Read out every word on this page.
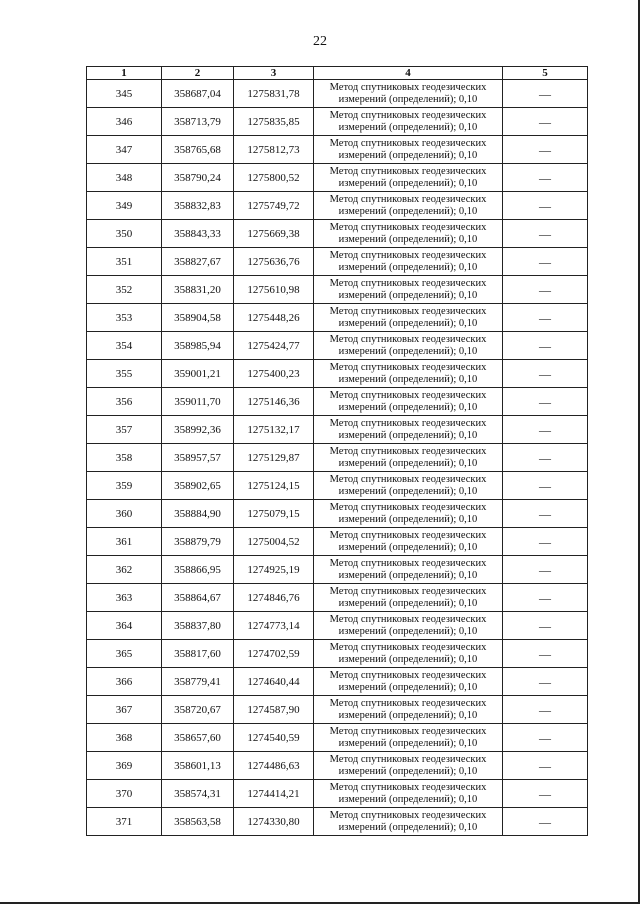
22
1	2	3	4	5
345	358687,04	1275831,78	Метод спутниковых геодезических
измерений (определений); 0,10	—
346	358713,79	1275835,85	Метод спутниковых геодезических
измерений (определений); 0,10	—
347	358765,68	1275812,73	Метод спутниковых геодезических
измерений (определений); 0,10	—
348	358790,24	1275800,52	Метод спутниковых геодезических
измерений (определений); 0,10	—
349	358832,83	1275749,72	Метод спутниковых геодезических
измерений (определений); 0,10	—
350	358843,33	1275669,38	Метод спутниковых геодезических
измерений (определений); 0,10	—
351	358827,67	1275636,76	Метод спутниковых геодезических
измерений (определений); 0,10	—
352	358831,20	1275610,98	Метод спутниковых геодезических
измерений (определений); 0,10	—
353	358904,58	1275448,26	Метод спутниковых геодезических
измерений (определений); 0,10	—
354	358985,94	1275424,77	Метод спутниковых геодезических
измерений (определений); 0,10	—
355	359001,21	1275400,23	Метод спутниковых геодезических
измерений (определений); 0,10	—
356	359011,70	1275146,36	Метод спутниковых геодезических
измерений (определений); 0,10	—
357	358992,36	1275132,17	Метод спутниковых геодезических
измерений (определений); 0,10	—
358	358957,57	1275129,87	Метод спутниковых геодезических
измерений (определений); 0,10	—
359	358902,65	1275124,15	Метод спутниковых геодезических
измерений (определений); 0,10	—
360	358884,90	1275079,15	Метод спутниковых геодезических
измерений (определений); 0,10	—
361	358879,79	1275004,52	Метод спутниковых геодезических
измерений (определений); 0,10	—
362	358866,95	1274925,19	Метод спутниковых геодезических
измерений (определений); 0,10	—
363	358864,67	1274846,76	Метод спутниковых геодезических
измерений (определений); 0,10	—
364	358837,80	1274773,14	Метод спутниковых геодезических
измерений (определений); 0,10	—
365	358817,60	1274702,59	Метод спутниковых геодезических
измерений (определений); 0,10	—
366	358779,41	1274640,44	Метод спутниковых геодезических
измерений (определений); 0,10	—
367	358720,67	1274587,90	Метод спутниковых геодезических
измерений (определений); 0,10	—
368	358657,60	1274540,59	Метод спутниковых геодезических
измерений (определений); 0,10	—
369	358601,13	1274486,63	Метод спутниковых геодезических
измерений (определений); 0,10	—
370	358574,31	1274414,21	Метод спутниковых геодезических
измерений (определений); 0,10	—
371	358563,58	1274330,80	Метод спутниковых геодезических
измерений (определений); 0,10	—
